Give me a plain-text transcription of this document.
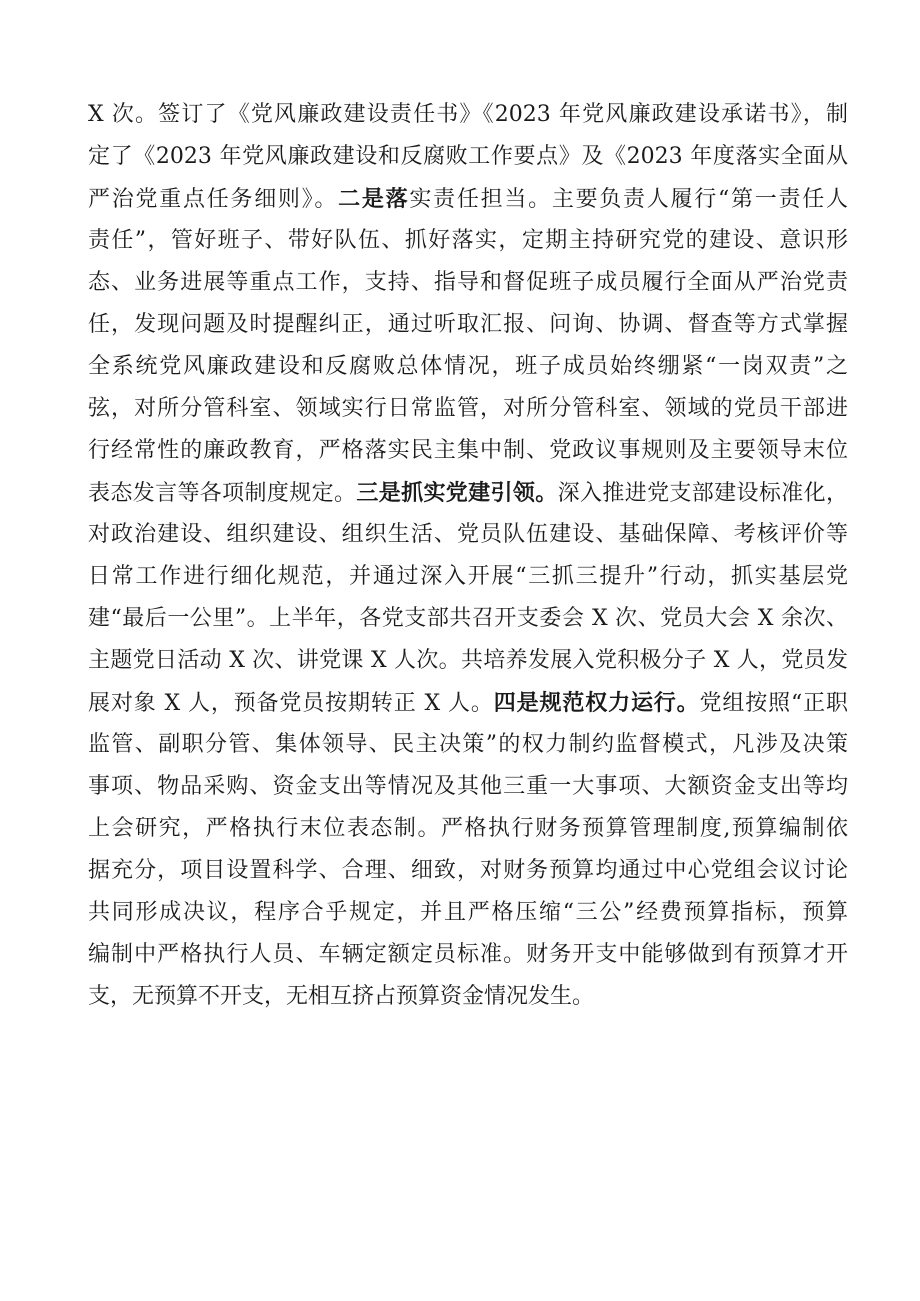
X 次。签订了《党风廉政建设责任书》《2023 年党风廉政建设承诺书》，制
定了《2023 年党风廉政建设和反腐败工作要点》及《2023 年度落实全面从
严治党重点任务细则》。二是落实责任担当。主要负责人履行“第一责任人
责任”，管好班子、带好队伍、抓好落实，定期主持研究党的建设、意识形
态、业务进展等重点工作，支持、指导和督促班子成员履行全面从严治党责
任，发现问题及时提醒纠正，通过听取汇报、问询、协调、督查等方式掌握
全系统党风廉政建设和反腐败总体情况，班子成员始终绷紧“一岗双责”之
弦，对所分管科室、领域实行日常监管，对所分管科室、领域的党员干部进
行经常性的廉政教育，严格落实民主集中制、党政议事规则及主要领导末位
表态发言等各项制度规定。三是抓实党建引领。深入推进党支部建设标准化，
对政治建设、组织建设、组织生活、党员队伍建设、基础保障、考核评价等
日常工作进行细化规范，并通过深入开展“三抓三提升”行动，抓实基层党
建“最后一公里”。上半年，各党支部共召开支委会 X 次、党员大会 X 余次、
主题党日活动 X 次、讲党课 X 人次。共培养发展入党积极分子 X 人，党员发
展对象 X 人，预备党员按期转正 X 人。四是规范权力运行。党组按照“正职
监管、副职分管、集体领导、民主决策”的权力制约监督模式，凡涉及决策
事项、物品采购、资金支出等情况及其他三重一大事项、大额资金支出等均
上会研究，严格执行末位表态制。严格执行财务预算管理制度,预算编制依
据充分，项目设置科学、合理、细致，对财务预算均通过中心党组会议讨论
共同形成决议，程序合乎规定，并且严格压缩“三公”经费预算指标，预算
编制中严格执行人员、车辆定额定员标准。财务开支中能够做到有预算才开
支，无预算不开支，无相互挤占预算资金情况发生。
